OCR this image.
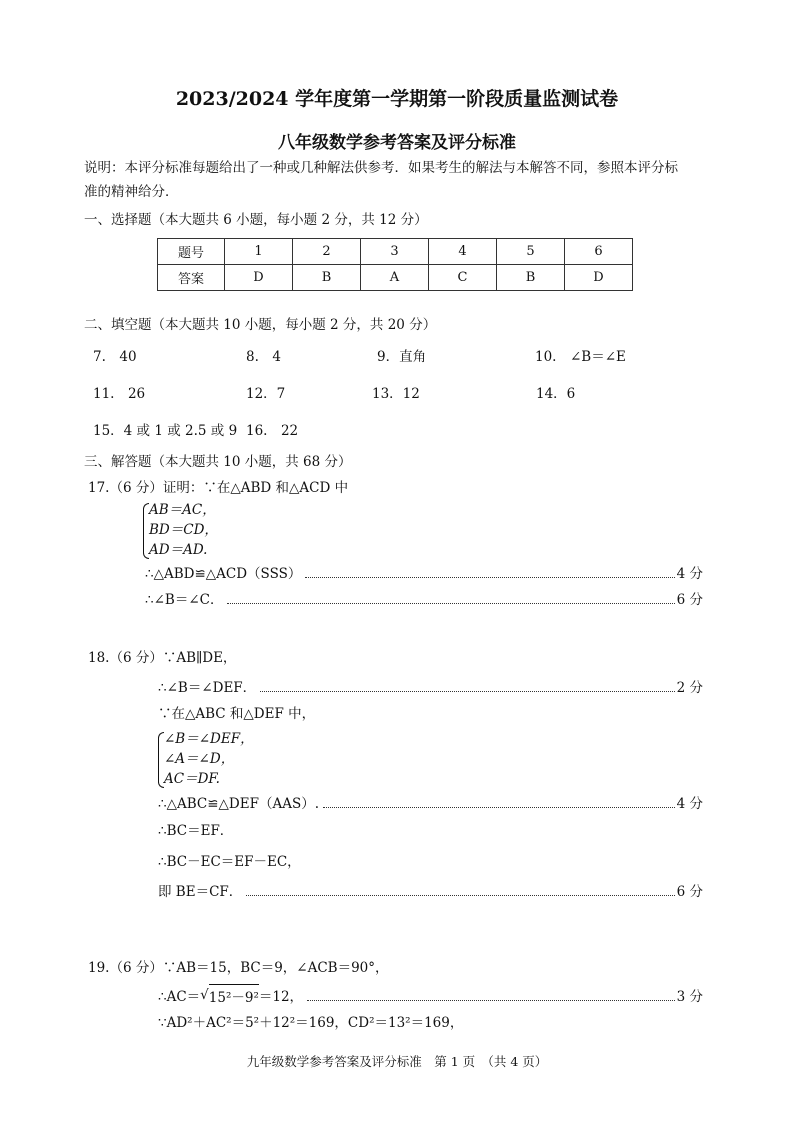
2023/2024 学年度第一学期第一阶段质量监测试卷
八年级数学参考答案及评分标准
说明：本评分标准每题给出了一种或几种解法供参考．如果考生的解法与本解答不同，参照本评分标
准的精神给分．
一、选择题（本大题共 6 小题，每小题 2 分，共 12 分）
题号	1	2	3	4	5	6
答案	D	B	A	C	B	D
二、填空题（本大题共 10 小题，每小题 2 分，共 20 分）
7.　40	8.　4	9．直角	10.　∠B＝∠E
11.　26	12．7	13．12	14．6
15．4 或 1 或 2.5 或 9 16.　22
三、解答题（本大题共 10 小题，共 68 分）
17.（6 分）证明：∵在△ABD 和△ACD 中
AB＝AC，
BD＝CD，
AD＝AD.
∴△ABD≌△ACD（SSS）	4 分
∴∠B＝∠C．	6 分
18.（6 分）∵AB∥DE，
∴∠B＝∠DEF．	2 分
∵在△ABC 和△DEF 中，
∠B＝∠DEF，
∠A＝∠D，
AC＝DF.
∴△ABC≌△DEF（AAS）.	4 分
∴BC＝EF．
∴BC－EC＝EF－EC，
即 BE＝CF．	6 分
19.（6 分）∵AB＝15，BC＝9，∠ACB＝90°，
∴AC＝ √ 15²－9² ＝12，	3 分
∵AD²＋AC²＝5²＋12²＝169，CD²＝13²＝169，
九年级数学参考答案及评分标准　第 1 页　（共 4 页）
